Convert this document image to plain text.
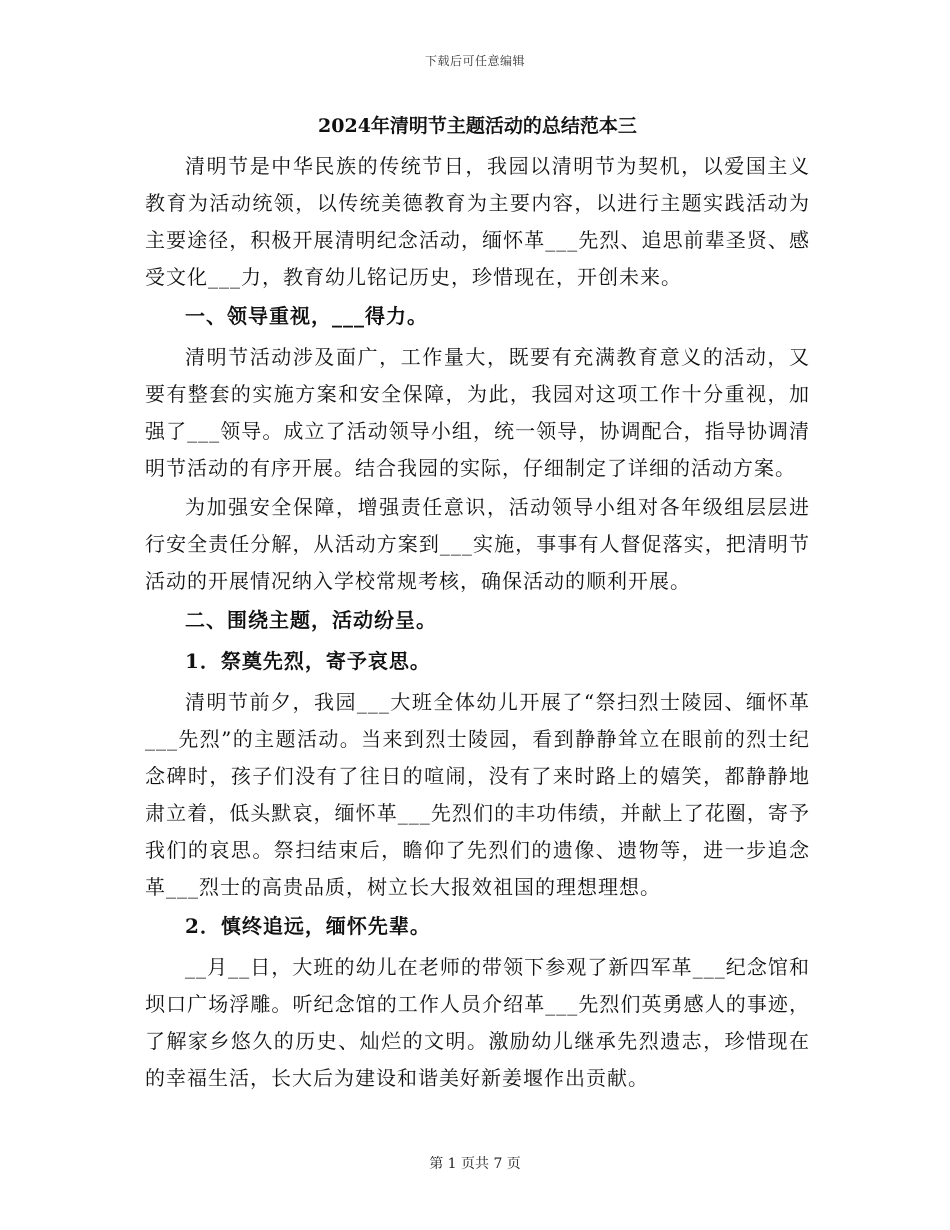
下载后可任意编辑
2024年清明节主题活动的总结范本三

清明节是中华民族的传统节日，我园以清明节为契机，以爱国主义教育为活动统领，以传统美德教育为主要内容，以进行主题实践活动为主要途径，积极开展清明纪念活动，缅怀革___先烈、追思前辈圣贤、感受文化___力，教育幼儿铭记历史，珍惜现在，开创未来。

一、领导重视，___得力。

清明节活动涉及面广，工作量大，既要有充满教育意义的活动，又要有整套的实施方案和安全保障，为此，我园对这项工作十分重视，加强了___领导。成立了活动领导小组，统一领导，协调配合，指导协调清明节活动的有序开展。结合我园的实际，仔细制定了详细的活动方案。

为加强安全保障，增强责任意识，活动领导小组对各年级组层层进行安全责任分解，从活动方案到___实施，事事有人督促落实，把清明节活动的开展情况纳入学校常规考核，确保活动的顺利开展。

二、围绕主题，活动纷呈。
1．祭奠先烈，寄予哀思。

清明节前夕，我园___大班全体幼儿开展了“祭扫烈士陵园、缅怀革___先烈”的主题活动。当来到烈士陵园，看到静静耸立在眼前的烈士纪念碑时，孩子们没有了往日的喧闹，没有了来时路上的嬉笑，都静静地肃立着，低头默哀，缅怀革___先烈们的丰功伟绩，并献上了花圈，寄予我们的哀思。祭扫结束后，瞻仰了先烈们的遗像、遗物等，进一步追念革___烈士的高贵品质，树立长大报效祖国的理想理想。

2．慎终追远，缅怀先辈。

__月__日，大班的幼儿在老师的带领下参观了新四军革___纪念馆和坝口广场浮雕。听纪念馆的工作人员介绍革___先烈们英勇感人的事迹，了解家乡悠久的历史、灿烂的文明。激励幼儿继承先烈遗志，珍惜现在的幸福生活，长大后为建设和谐美好新姜堰作出贡献。

第 1 页共 7 页
